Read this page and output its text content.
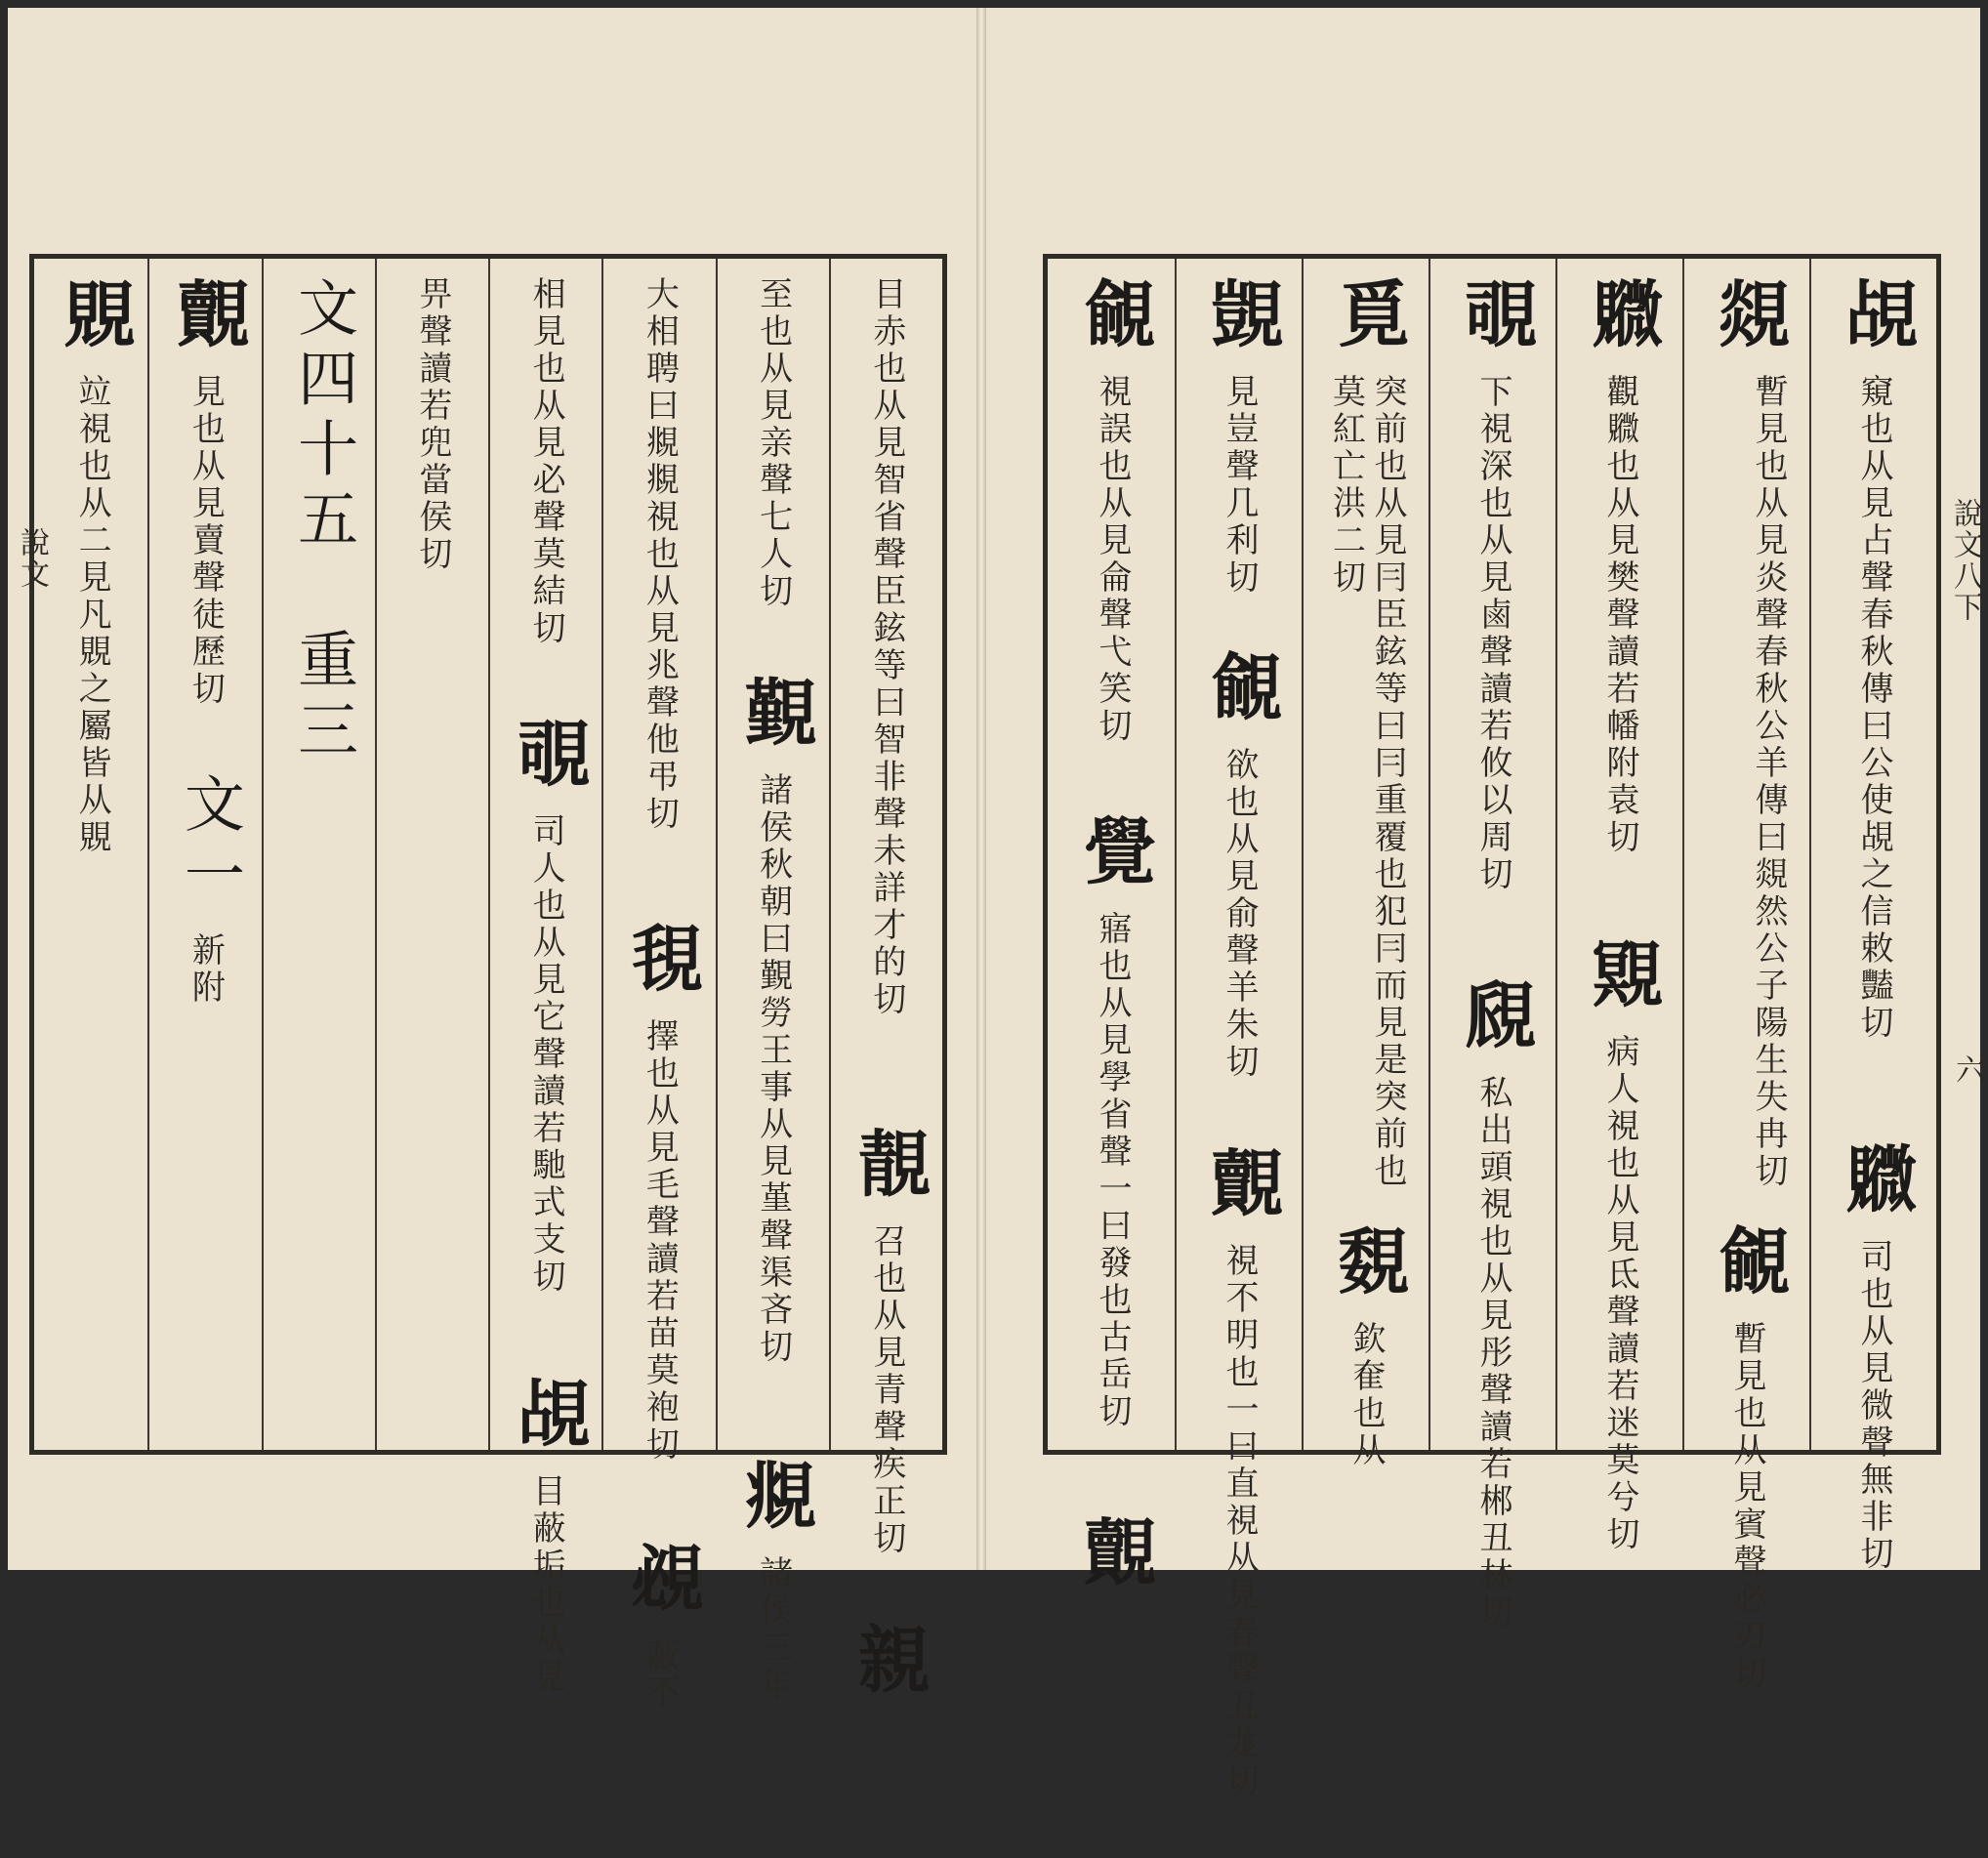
覘
窺也从見占聲春秋傳曰公使覘之信敕豔切
覹
司也从見微聲無非切
覢
暫見也从見炎聲春秋公羊傳曰覢然公子陽生失冉切
覦
暫見也从見賓聲必刃切
覹
觀覹也从見樊聲讀若幡附袁切
覭
病人視也从見氐聲讀若迷莫兮切
覗
下視深也从見鹵聲讀若攸以周切
覛
私出頭視也从見彤聲讀若郴丑林切
覓
突前也从見冃臣鉉等曰冃重覆也犯冃而見是突前也莫紅亡洪二切
覣
欽奞也从
覬
見豈聲几利切
覦
欲也从見俞聲羊朱切
覿
視不明也一曰直視从見春聲丑尨切
覦
視誤也从見侖聲弋笑切
覺
寤也从見學省聲一曰發也古岳切
覿
說文八下
六
目赤也从見智省聲臣鉉等曰智非聲未詳才的切
靚
召也从見青聲疾正切
親
至也从見亲聲七人切
覲
諸侯秋朝曰覲勞王事从見堇聲渠吝切
覜
諸侯三年
大相聘曰覜覜視也从見兆聲他弔切
覒
擇也从見毛聲讀若苗莫袍切
覕
蔽不
相見也从見必聲莫結切
覗
司人也从見它聲讀若馳式支切
覘
目蔽垢也从見
畀聲讀若兜當侯切
文四十五　重三
覿
見也从見賣聲徒歷切
文一
新附
覞
竝視也从二見凡覞之屬皆从覞
說文
